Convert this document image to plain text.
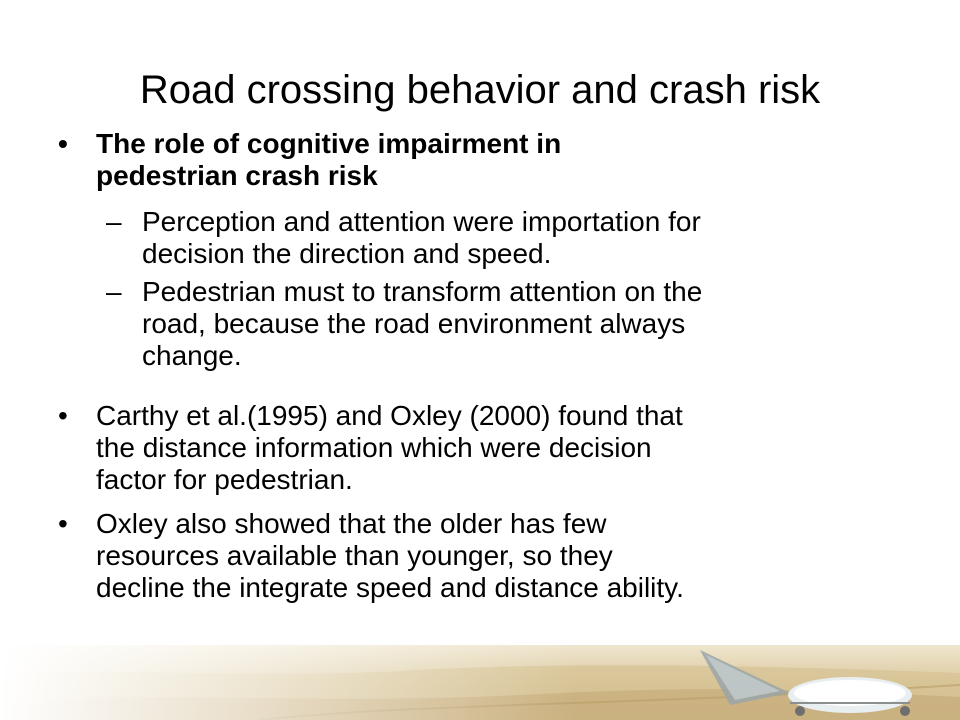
Road crossing behavior and crash risk
•	The role of cognitive impairment in
pedestrian crash risk
– Perception and attention were importation for
decision the direction and speed.
– Pedestrian must to transform attention on the
road, because the road environment always
change.
•	Carthy et al.(1995) and Oxley (2000) found that
the distance information which were decision
factor for pedestrian.
•	Oxley also showed that the older has few
resources available than younger, so they
decline the integrate speed and distance ability.
